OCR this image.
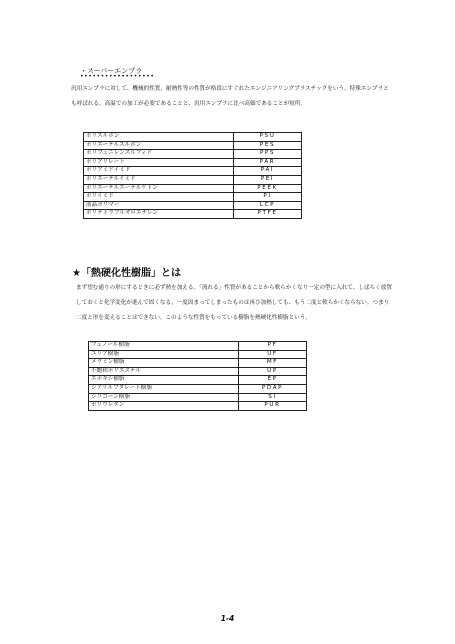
・スーパーエンプラ
••••••••••••••••••

汎用エンプラに対して、機械的性質、耐熱性等の性質が格段にすぐれたエンジニアリングプラスチックをいう。特殊エンプラとも呼ばれる。高温での加工が必要であることと、汎用エンプラに比べ高価であることが短所。

ポリスルホン	PSU
ポリエーテルスルホン	PES
ポリフェニレンスルフィド	PPS
ポリアリレート	PAR
ポリアミドイミド	PAI
ポリエーテルイミド	PEI
ポリエーテルエーテルケトン	PEEK
ポリイミド	PI
液晶ポリマー	LCP
ポリテトラフルオロエチレン	PTFE
★「熱硬化性樹脂」とは

まず望む通りの形にするときに必ず熱を加える。「流れる」性質があることから軟らかくなり一定の型に入れて、しばらく放置しておくと化学変化が進んで固くなる。一度固まってしまったものは再び加熱しても、もう二度と軟らかくならない。つまり二度と形を変えることはできない。このような性質をもっている樹脂を熱硬化性樹脂という。

フェノール樹脂	PF
ユリア樹脂	UF
メラミン樹脂	MF
不飽和ポリエステル	UP
エポキシ樹脂	EP
ジアリルフタレート樹脂	PDAP
シリコーン樹脂	SI
ポリウレタン	PUR
1-4
